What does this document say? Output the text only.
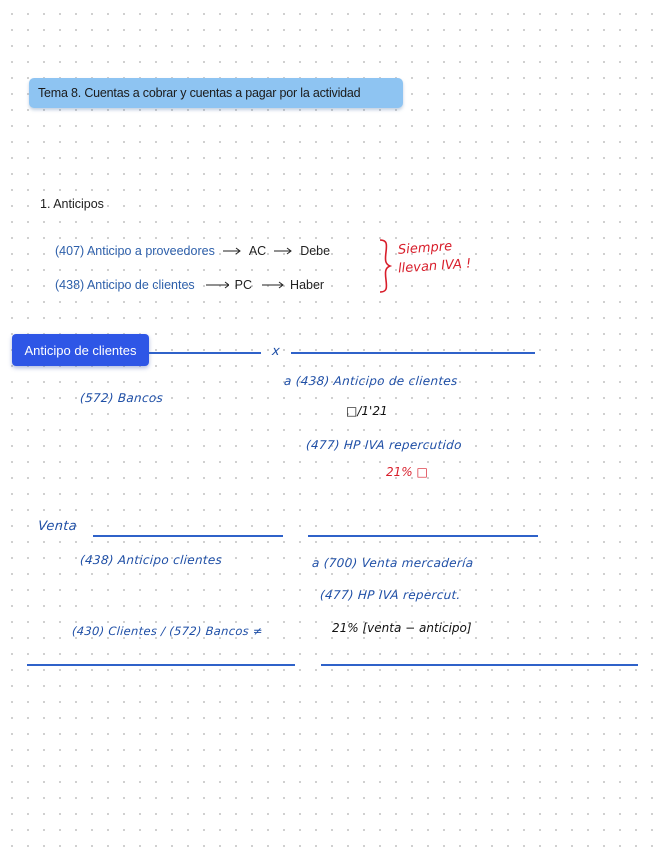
Tema 8. Cuentas a cobrar y cuentas a pagar por la actividad
1. Anticipos
(407) Anticipo a proveedores	AC	Debe
(438) Anticipo de clientes	PC	Haber
Siempre
llevan IVA !
Anticipo de clientes	x
(572) Bancos
a (438) Anticipo de clientes
□/1'21
(477) HP IVA repercutido
21% □
Venta
(438) Anticipo clientes	a (700) Venta mercadería
(477) HP IVA repercut.
(430) Clientes / (572) Bancos ≠	21% [venta − anticipo]
